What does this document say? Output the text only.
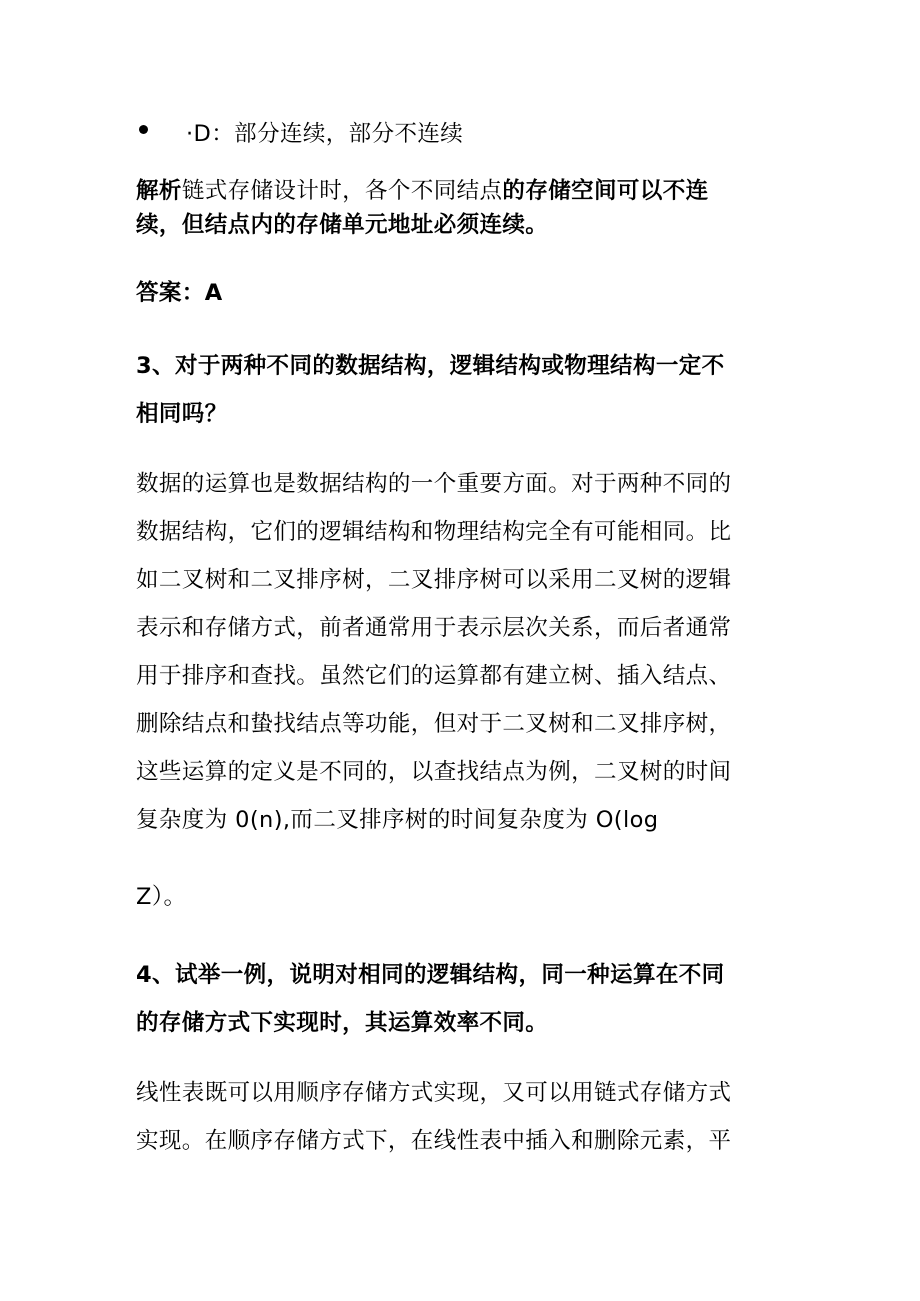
·D：部分连续，部分不连续
解析链式存储设计时，各个不同结点的存储空间可以不连
续，但结点内的存储单元地址必须连续。
答案：A
3、对于两种不同的数据结构，逻辑结构或物理结构一定不
相同吗？
数据的运算也是数据结构的一个重要方面。对于两种不同的
数据结构，它们的逻辑结构和物理结构完全有可能相同。比
如二叉树和二叉排序树，二叉排序树可以采用二叉树的逻辑
表示和存储方式，前者通常用于表示层次关系，而后者通常
用于排序和查找。虽然它们的运算都有建立树、插入结点、
删除结点和蛰找结点等功能，但对于二叉树和二叉排序树，
这些运算的定义是不同的，以查找结点为例，二叉树的时间
复杂度为 0(n),而二叉排序树的时间复杂度为 O(log
Z）。
4、试举一例，说明对相同的逻辑结构，同一种运算在不同
的存储方式下实现时，其运算效率不同。
线性表既可以用顺序存储方式实现，又可以用链式存储方式
实现。在顺序存储方式下，在线性表中插入和删除元素，平
